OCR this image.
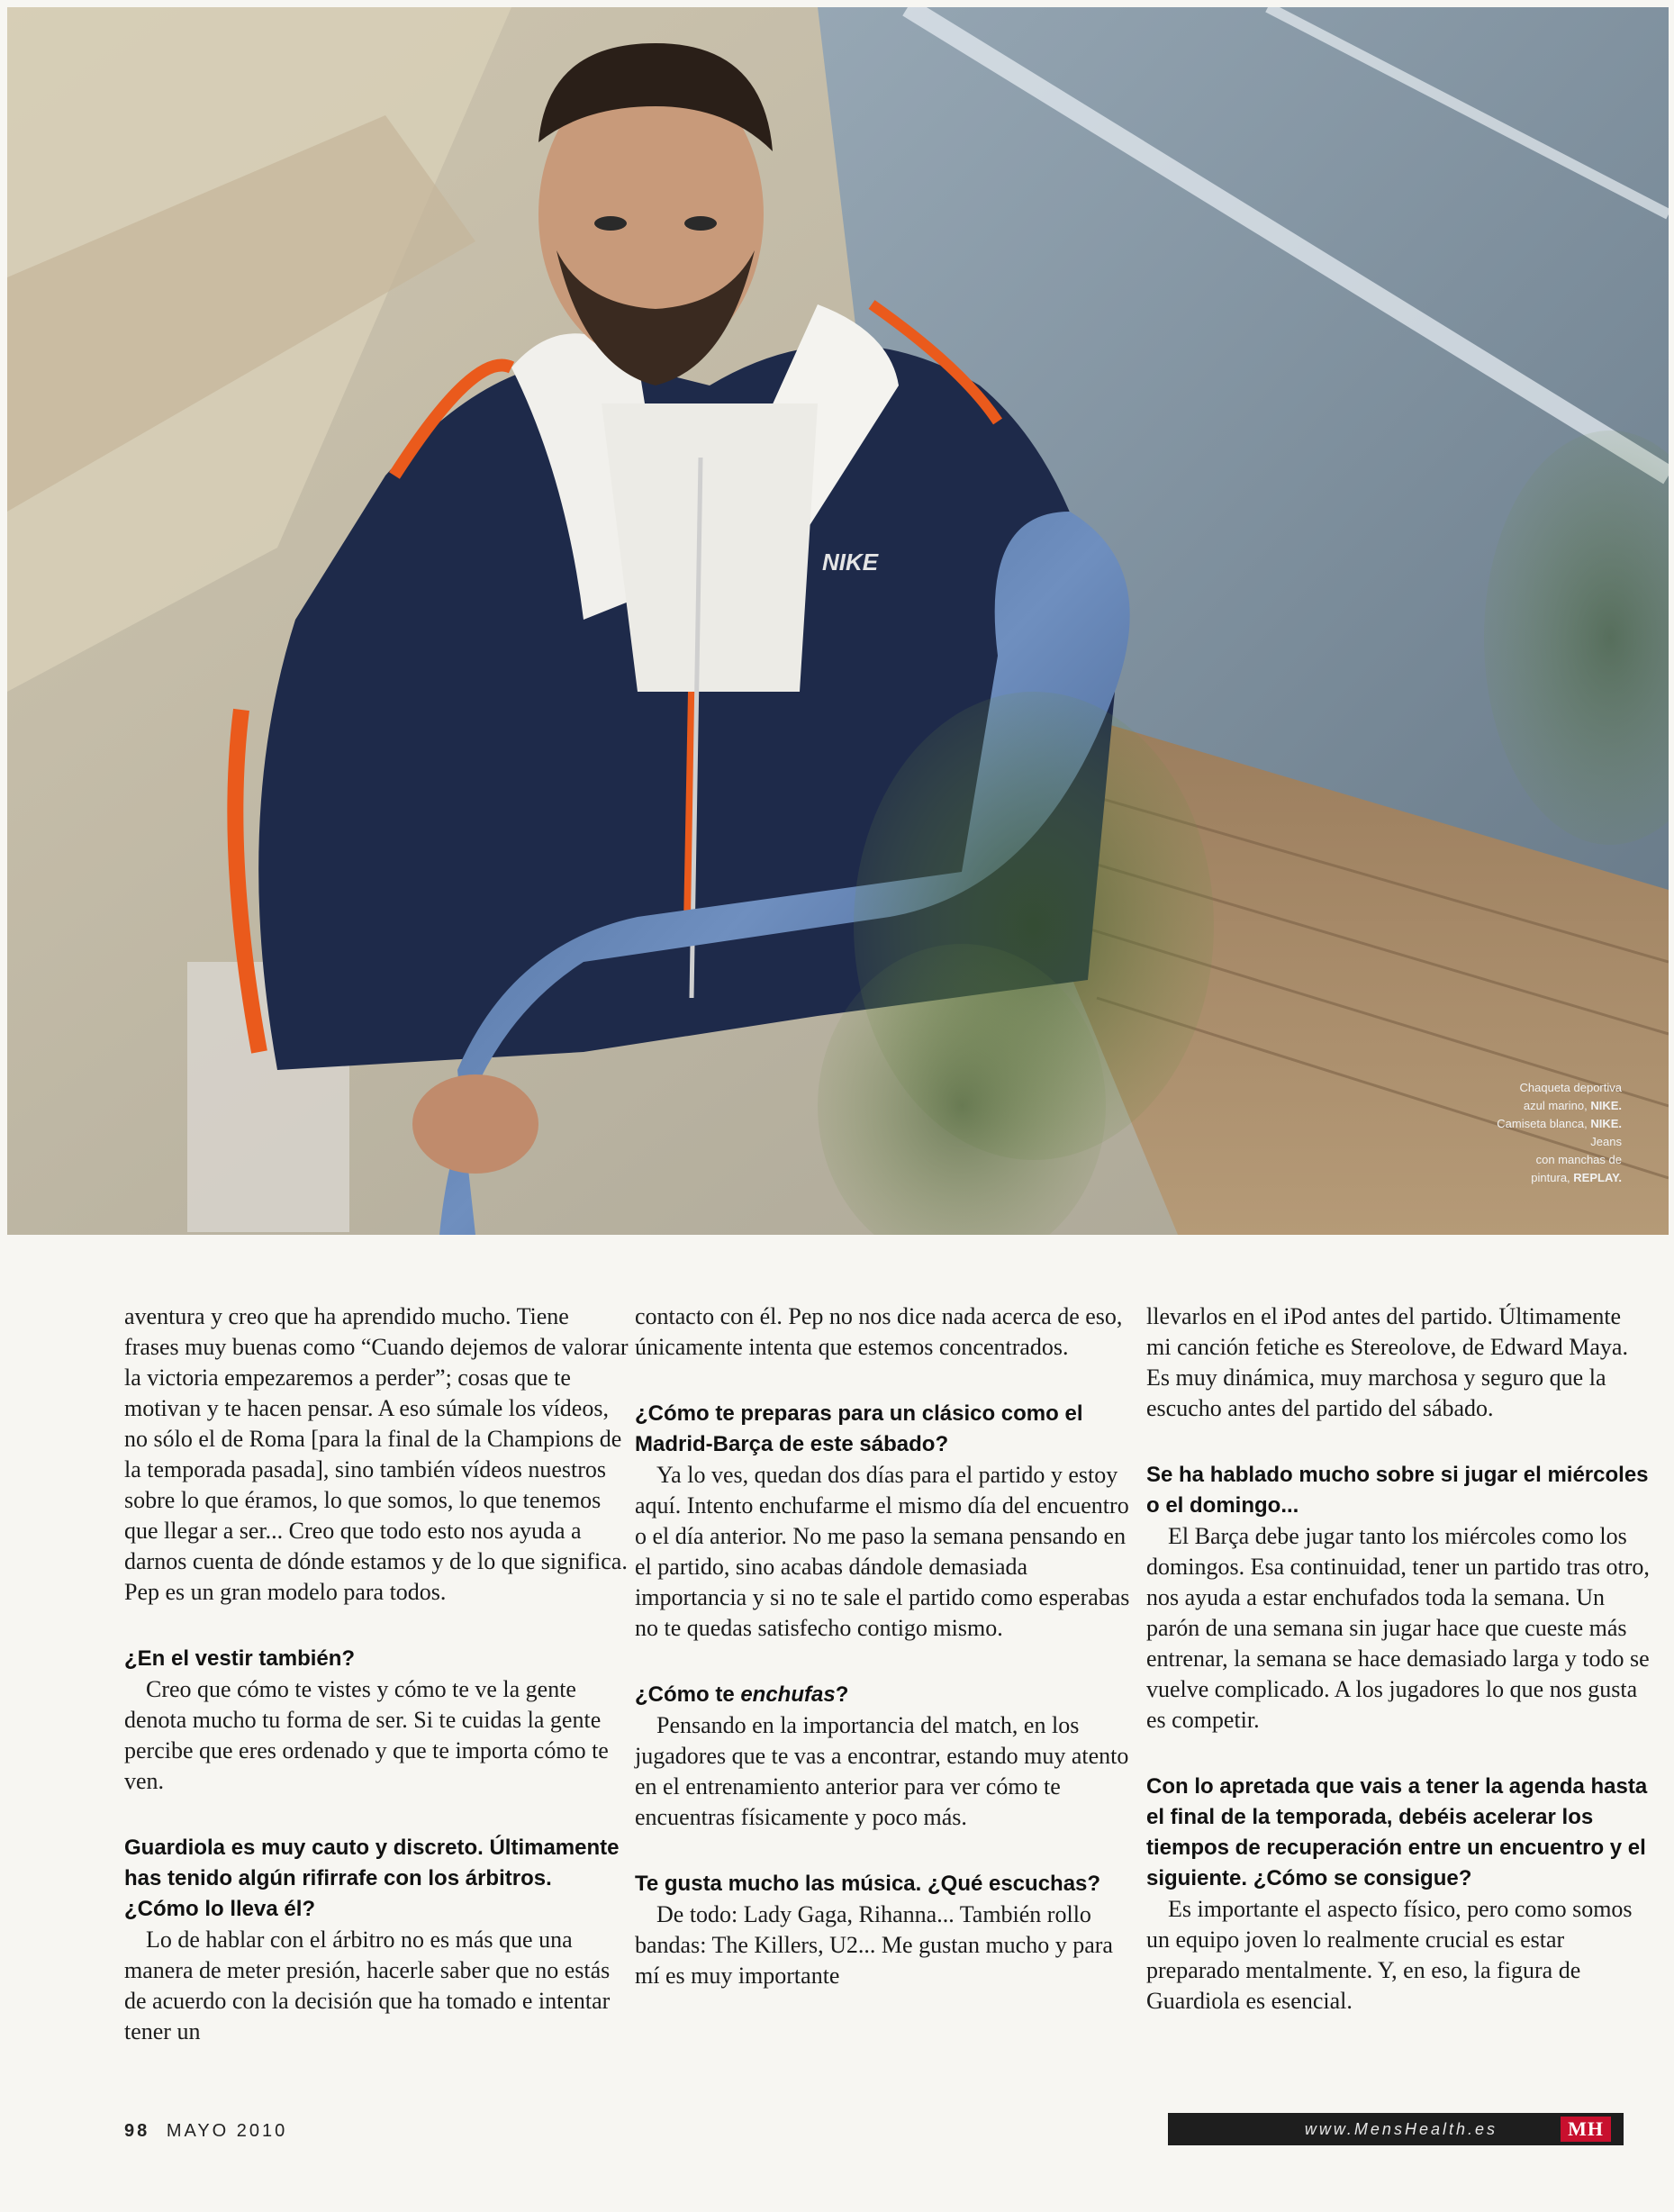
NIKE
Chaqueta deportiva
azul marino, NIKE.
Camiseta blanca, NIKE. Jeans
con manchas de
pintura, REPLAY.

aventura y creo que ha aprendido mucho. Tiene frases muy buenas como “Cuando dejemos de valorar la victoria empezaremos a perder”; cosas que te motivan y te hacen pensar. A eso súmale los vídeos, no sólo el de Roma [para la final de la Champions de la temporada pasada], sino también vídeos nuestros sobre lo que éramos, lo que somos, lo que tenemos que llegar a ser... Creo que todo esto nos ayuda a darnos cuenta de dónde estamos y de lo que significa. Pep es un gran modelo para todos.

¿En el vestir también?

Creo que cómo te vistes y cómo te ve la gente denota mucho tu forma de ser. Si te cuidas la gente percibe que eres ordenado y que te importa cómo te ven.

Guardiola es muy cauto y discreto. Últimamente has tenido algún rifirrafe con los árbitros. ¿Cómo lo lleva él?

Lo de hablar con el árbitro no es más que una manera de meter presión, hacerle saber que no estás de acuerdo con la decisión que ha tomado e intentar tener un

contacto con él. Pep no nos dice nada acerca de eso, únicamente intenta que estemos concentrados.

¿Cómo te preparas para un clásico como el Madrid-Barça de este sábado?

Ya lo ves, quedan dos días para el partido y estoy aquí. Intento enchufarme el mismo día del encuentro o el día anterior. No me paso la semana pensando en el partido, sino acabas dándole demasiada importancia y si no te sale el partido como esperabas no te quedas satisfecho contigo mismo.

¿Cómo te enchufas?

Pensando en la importancia del match, en los jugadores que te vas a encontrar, estando muy atento en el entrenamiento anterior para ver cómo te encuentras físicamente y poco más.

Te gusta mucho las música. ¿Qué escuchas?

De todo: Lady Gaga, Rihanna... También rollo bandas: The Killers, U2... Me gustan mucho y para mí es muy importante

llevarlos en el iPod antes del partido. Últimamente mi canción fetiche es Stereolove, de Edward Maya. Es muy dinámica, muy marchosa y seguro que la escucho antes del partido del sábado.

Se ha hablado mucho sobre si jugar el miércoles o el domingo...

El Barça debe jugar tanto los miércoles como los domingos. Esa continuidad, tener un partido tras otro, nos ayuda a estar enchufados toda la semana. Un parón de una semana sin jugar hace que cueste más entrenar, la semana se hace demasiado larga y todo se vuelve complicado. A los jugadores lo que nos gusta es competir.

Con lo apretada que vais a tener la agenda hasta el final de la temporada, debéis acelerar los tiempos de recuperación entre un encuentro y el siguiente. ¿Cómo se consigue?

Es importante el aspecto físico, pero como somos un equipo joven lo realmente crucial es estar preparado mentalmente. Y, en eso, la figura de Guardiola es esencial.

98 MAYO 2010	www.MensHealth.es	MH
